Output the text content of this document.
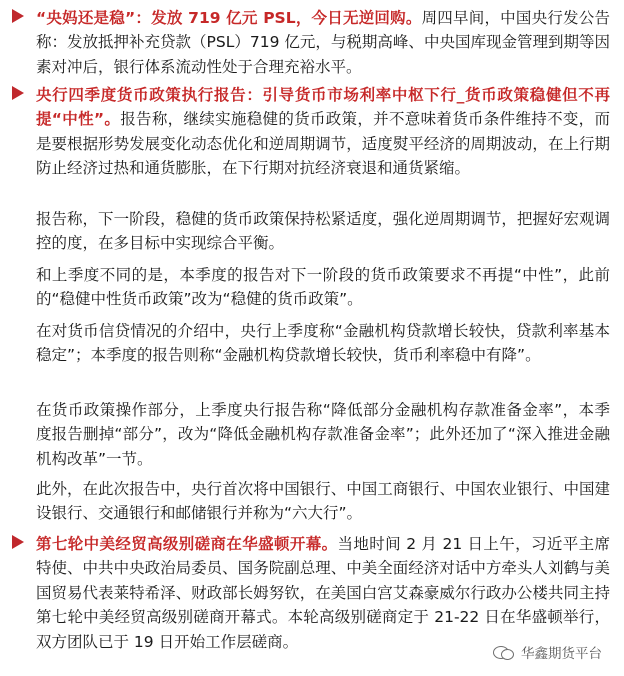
“央妈还是稳”：发放 719 亿元 PSL，今日无逆回购。周四早间，中国央行发公告称：发放抵押补充贷款（PSL）719 亿元，与税期高峰、中央国库现金管理到期等因素对冲后，银行体系流动性处于合理充裕水平。

央行四季度货币政策执行报告：引导货币市场利率中枢下行_货币政策稳健但不再提“中性”。报告称，继续实施稳健的货币政策，并不意味着货币条件维持不变，而是要根据形势发展变化动态优化和逆周期调节，适度熨平经济的周期波动，在上行期防止经济过热和通货膨胀，在下行期对抗经济衰退和通货紧缩。

报告称，下一阶段，稳健的货币政策保持松紧适度，强化逆周期调节，把握好宏观调控的度，在多目标中实现综合平衡。

和上季度不同的是，本季度的报告对下一阶段的货币政策要求不再提“中性”，此前的“稳健中性货币政策”改为“稳健的货币政策”。

在对货币信贷情况的介绍中，央行上季度称“金融机构贷款增长较快，贷款利率基本稳定”；本季度的报告则称“金融机构贷款增长较快，货币利率稳中有降”。

在货币政策操作部分，上季度央行报告称“降低部分金融机构存款准备金率”，本季度报告删掉“部分”，改为“降低金融机构存款准备金率”；此外还加了“深入推进金融机构改革”一节。

此外，在此次报告中，央行首次将中国银行、中国工商银行、中国农业银行、中国建设银行、交通银行和邮储银行并称为“六大行”。

第七轮中美经贸高级别磋商在华盛顿开幕。当地时间 2 月 21 日上午，习近平主席特使、中共中央政治局委员、国务院副总理、中美全面经济对话中方牵头人刘鹤与美国贸易代表莱特希泽、财政部长姆努钦，在美国白宫艾森豪威尔行政办公楼共同主持第七轮中美经贸高级别磋商开幕式。本轮高级别磋商定于 21-22 日在华盛顿举行，双方团队已于 19 日开始工作层磋商。

华鑫期货平台
